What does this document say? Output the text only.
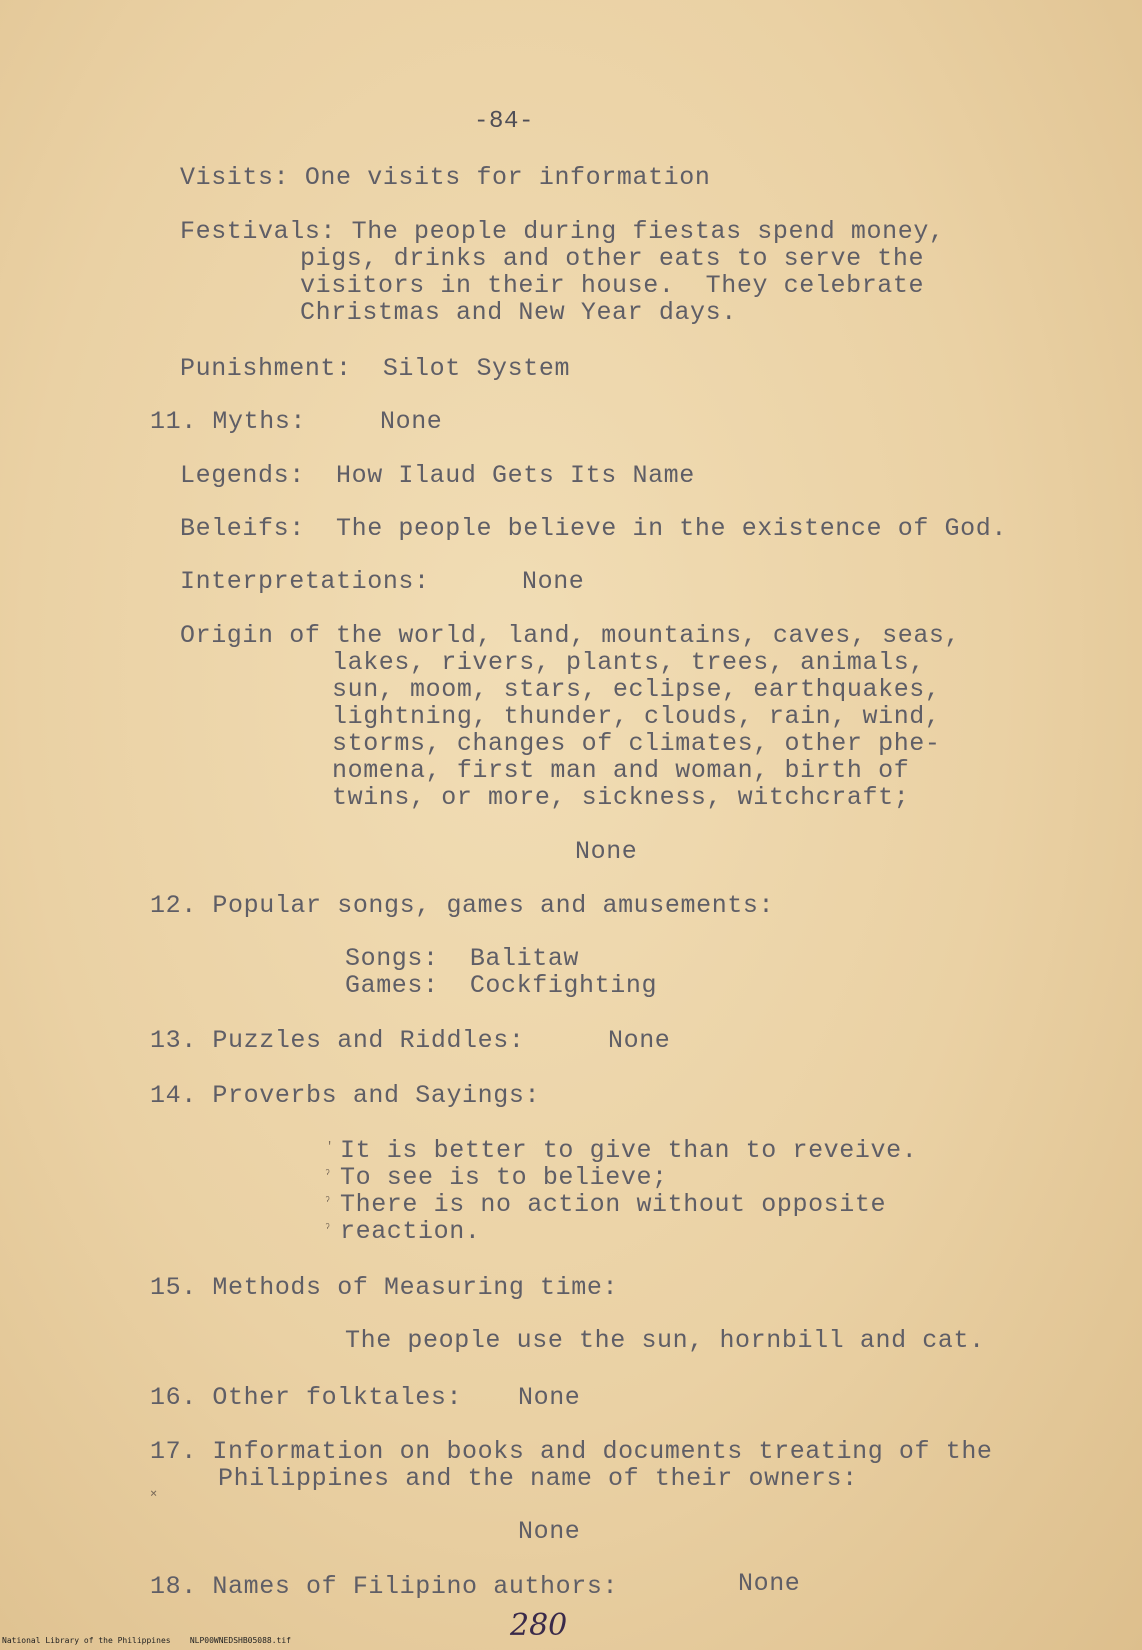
-84-
Visits: One visits for information
Festivals: The people during fiestas spend money,
pigs, drinks and other eats to serve the
visitors in their house.  They celebrate
Christmas and New Year days.
Punishment:  Silot System
11. Myths:	None
Legends:  How Ilaud Gets Its Name
Beleifs:  The people believe in the existence of God.
Interpretations:	None
Origin of the world, land, mountains, caves, seas,
lakes, rivers, plants, trees, animals,
sun, moom, stars, eclipse, earthquakes,
lightning, thunder, clouds, rain, wind,
storms, changes of climates, other phe-
nomena, first man and woman, birth of
twins, or more, sickness, witchcraft;
None
12. Popular songs, games and amusements:
Songs:  Balitaw
Games:  Cockfighting
13. Puzzles and Riddles:	None
14. Proverbs and Sayings:
' It is better to give than to reveive.
ˀ To see is to believe;
ˀ There is no action without opposite
ˀ reaction.
15. Methods of Measuring time:
The people use the sun, hornbill and cat.
16. Other folktales: None
17. Information on books and documents treating of the
Philippines and the name of their owners:
⨯
None
18. Names of Filipino authors:	None
280
National Library of the Philippines    NLP00WNEDSHB05088.tif
